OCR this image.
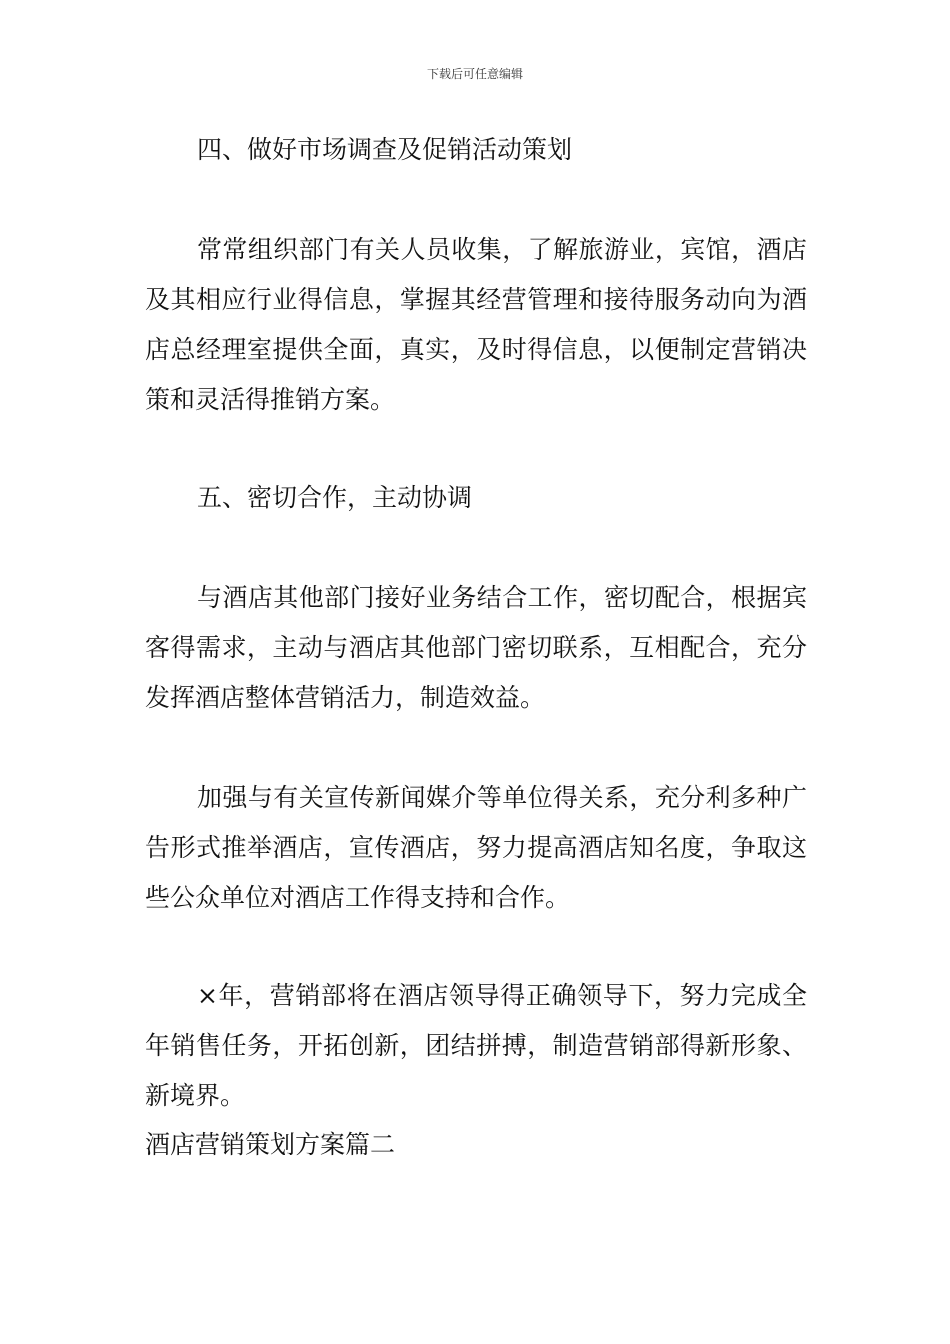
下载后可任意编辑
四、做好市场调查及促销活动策划
常常组织部门有关人员收集，了解旅游业，宾馆，酒店及其相应行业得信息，掌握其经营管理和接待服务动向为酒店总经理室提供全面，真实，及时得信息，以便制定营销决策和灵活得推销方案。
五、密切合作，主动协调
与酒店其他部门接好业务结合工作，密切配合，根据宾客得需求，主动与酒店其他部门密切联系，互相配合，充分发挥酒店整体营销活力，制造效益。
加强与有关宣传新闻媒介等单位得关系，充分利多种广告形式推举酒店，宣传酒店，努力提高酒店知名度，争取这些公众单位对酒店工作得支持和合作。
×年，营销部将在酒店领导得正确领导下，努力完成全年销售任务，开拓创新，团结拼搏，制造营销部得新形象、新境界。
酒店营销策划方案篇二
